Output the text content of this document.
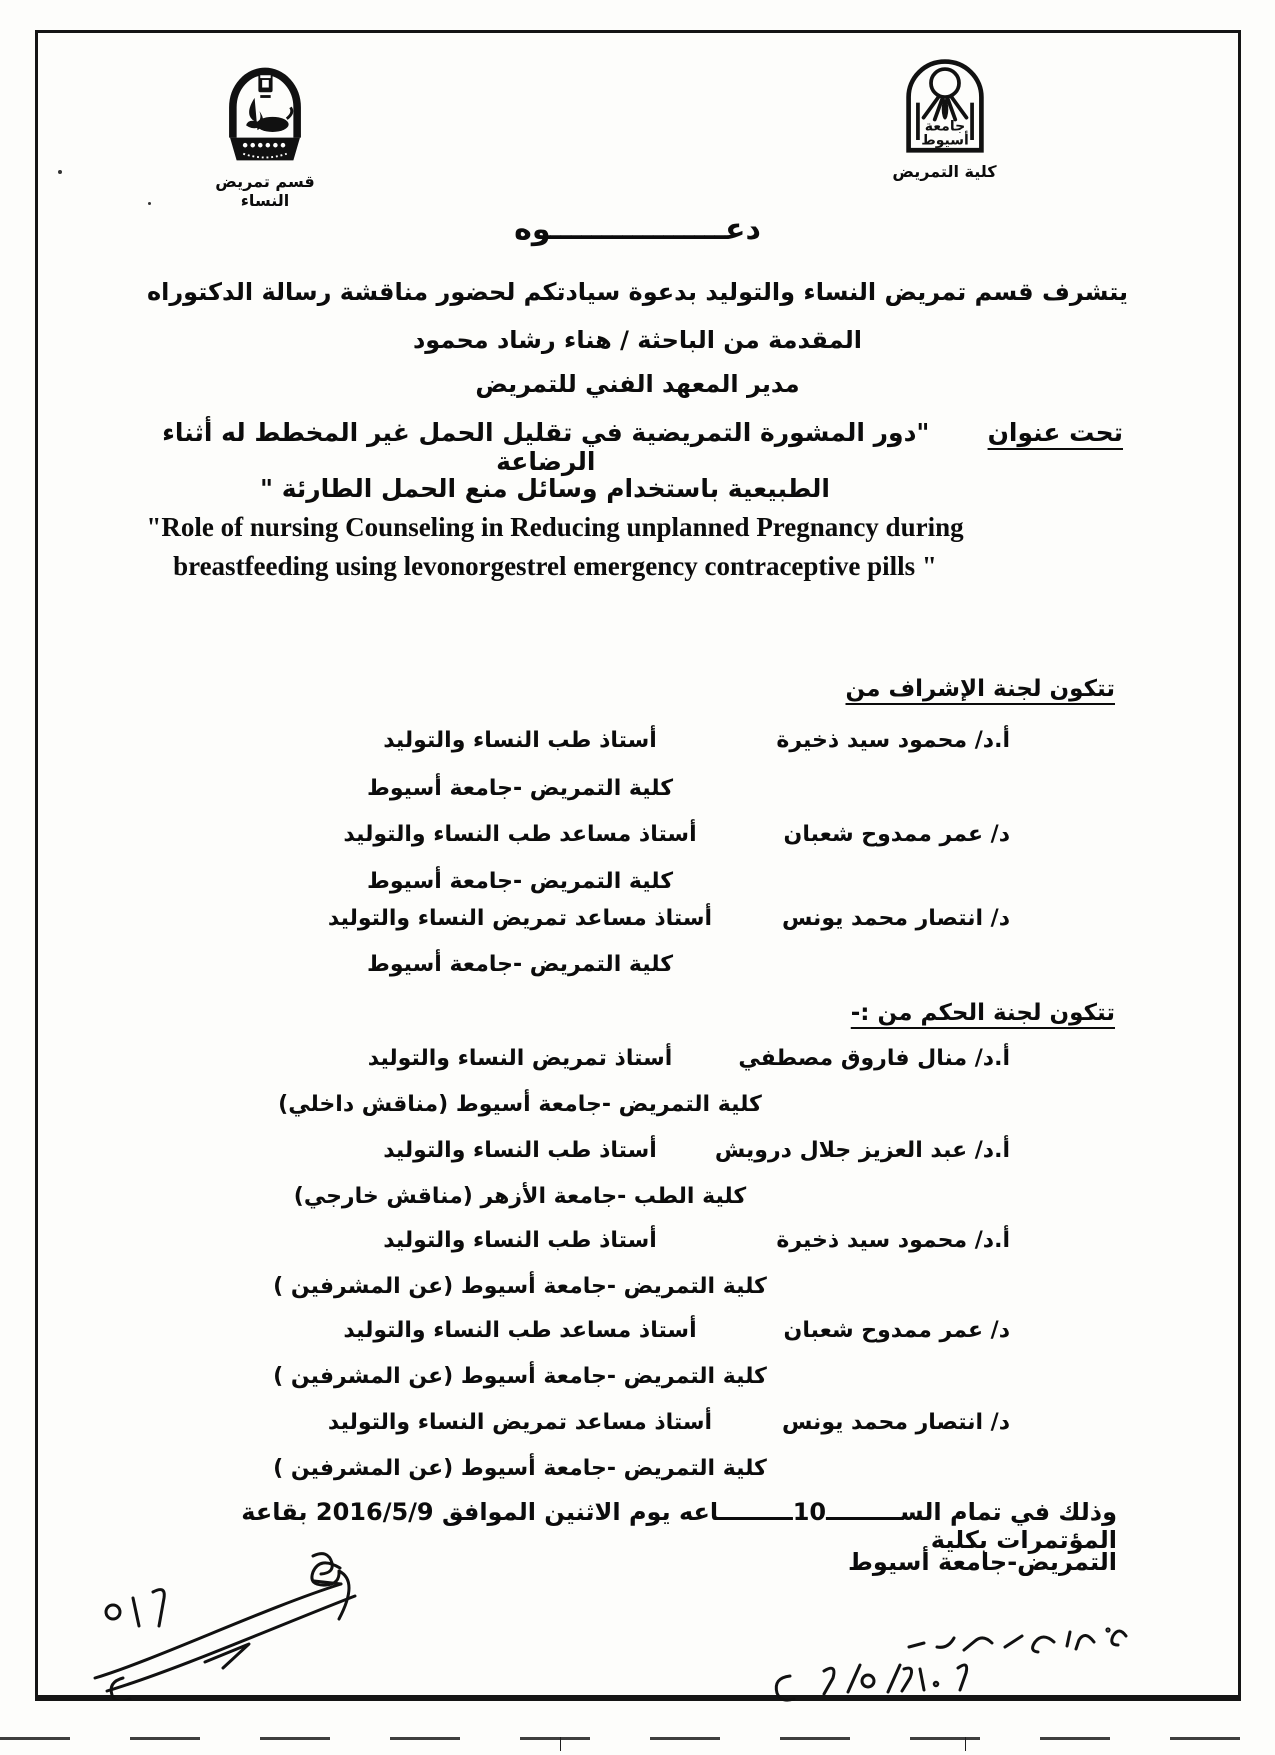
قسم تمريض النساء
جامعة
أسيوط
كلية التمريض
دعـــــــــــــــــوه
يتشرف قسم تمريض النساء والتوليد بدعوة سيادتكم لحضور مناقشة رسالة الدكتوراه
المقدمة من الباحثة / هناء رشاد محمود
مدير المعهد الفني للتمريض
تحت عنوان
"دور المشورة التمريضية في تقليل الحمل غير المخطط له أثناء الرضاعة
الطبيعية باستخدام وسائل منع الحمل الطارئة "
"Role of nursing Counseling in Reducing unplanned Pregnancy during
breastfeeding using levonorgestrel emergency contraceptive pills "
تتكون لجنة الإشراف من
أ.د/ محمود سيد ذخيرة
أستاذ طب النساء والتوليد
كلية التمريض -جامعة أسيوط
د/ عمر ممدوح شعبان
أستاذ مساعد طب النساء والتوليد
كلية التمريض -جامعة أسيوط
د/ انتصار محمد يونس
أستاذ مساعد تمريض النساء والتوليد
كلية التمريض -جامعة أسيوط
تتكون لجنة الحكم من :-
أ.د/ منال فاروق مصطفي
أستاذ تمريض النساء والتوليد
كلية التمريض -جامعة أسيوط (مناقش داخلي)
أ.د/ عبد العزيز جلال درويش
أستاذ طب النساء والتوليد
كلية الطب -جامعة الأزهر (مناقش خارجي)
أ.د/ محمود سيد ذخيرة
أستاذ طب النساء والتوليد
كلية التمريض -جامعة أسيوط (عن المشرفين )
د/ عمر ممدوح شعبان
أستاذ مساعد طب النساء والتوليد
كلية التمريض -جامعة أسيوط (عن المشرفين )
د/ انتصار محمد يونس
أستاذ مساعد تمريض النساء والتوليد
كلية التمريض -جامعة أسيوط (عن المشرفين )
وذلك في تمام الســـــــــ10ـــــــــاعه يوم الاثنين الموافق 2016/5/9 بقاعة المؤتمرات بكلية
التمريض-جامعة أسيوط
